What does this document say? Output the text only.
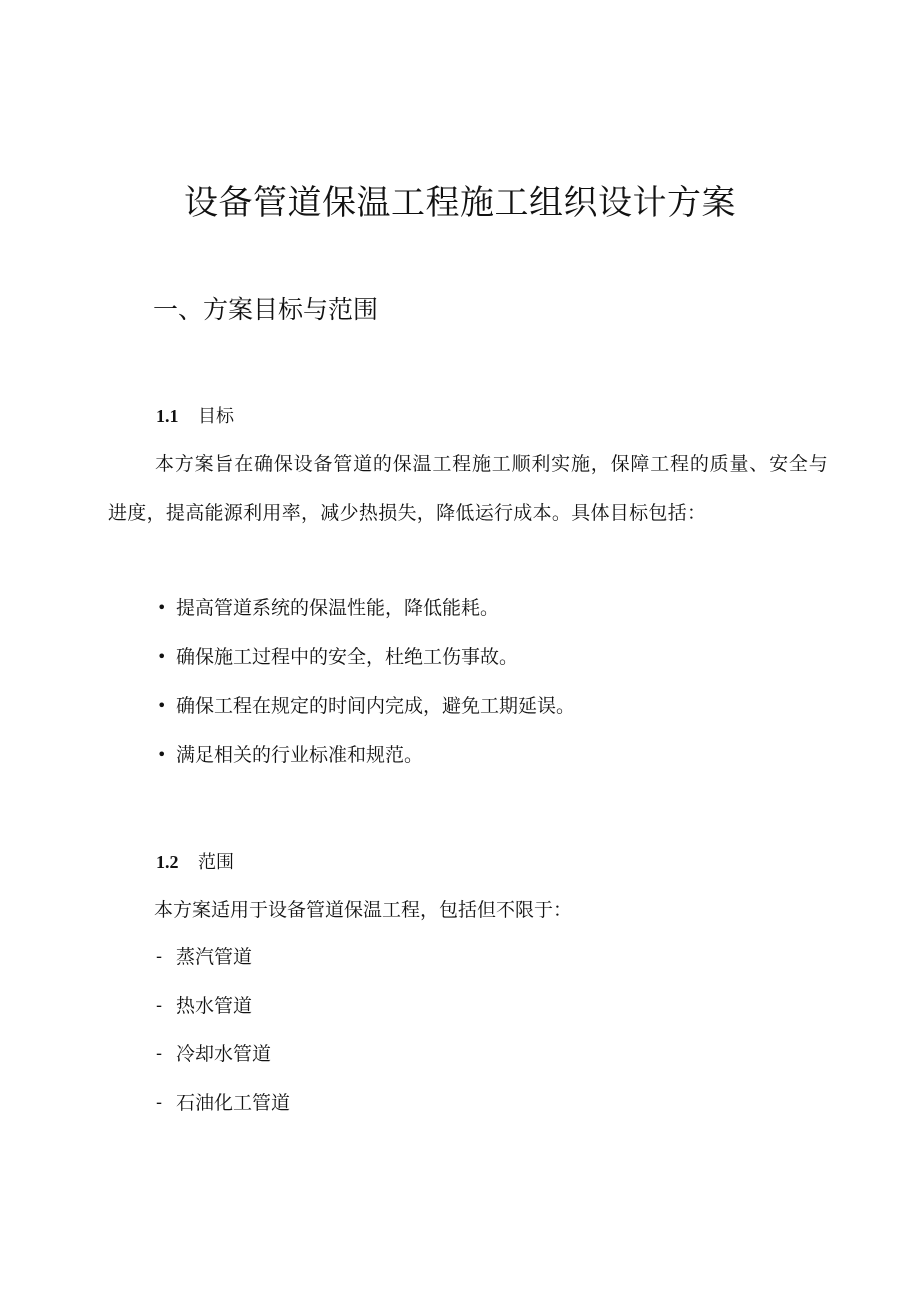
设备管道保温工程施工组织设计方案
一、方案目标与范围
1.1 目标
本方案旨在确保设备管道的保温工程施工顺利实施，保障工程的质量、安全与进度，提高能源利用率，减少热损失，降低运行成本。具体目标包括：
• 提高管道系统的保温性能，降低能耗。
• 确保施工过程中的安全，杜绝工伤事故。
• 确保工程在规定的时间内完成，避免工期延误。
• 满足相关的行业标准和规范。
1.2 范围
本方案适用于设备管道保温工程，包括但不限于：
- 蒸汽管道
- 热水管道
- 冷却水管道
- 石油化工管道
